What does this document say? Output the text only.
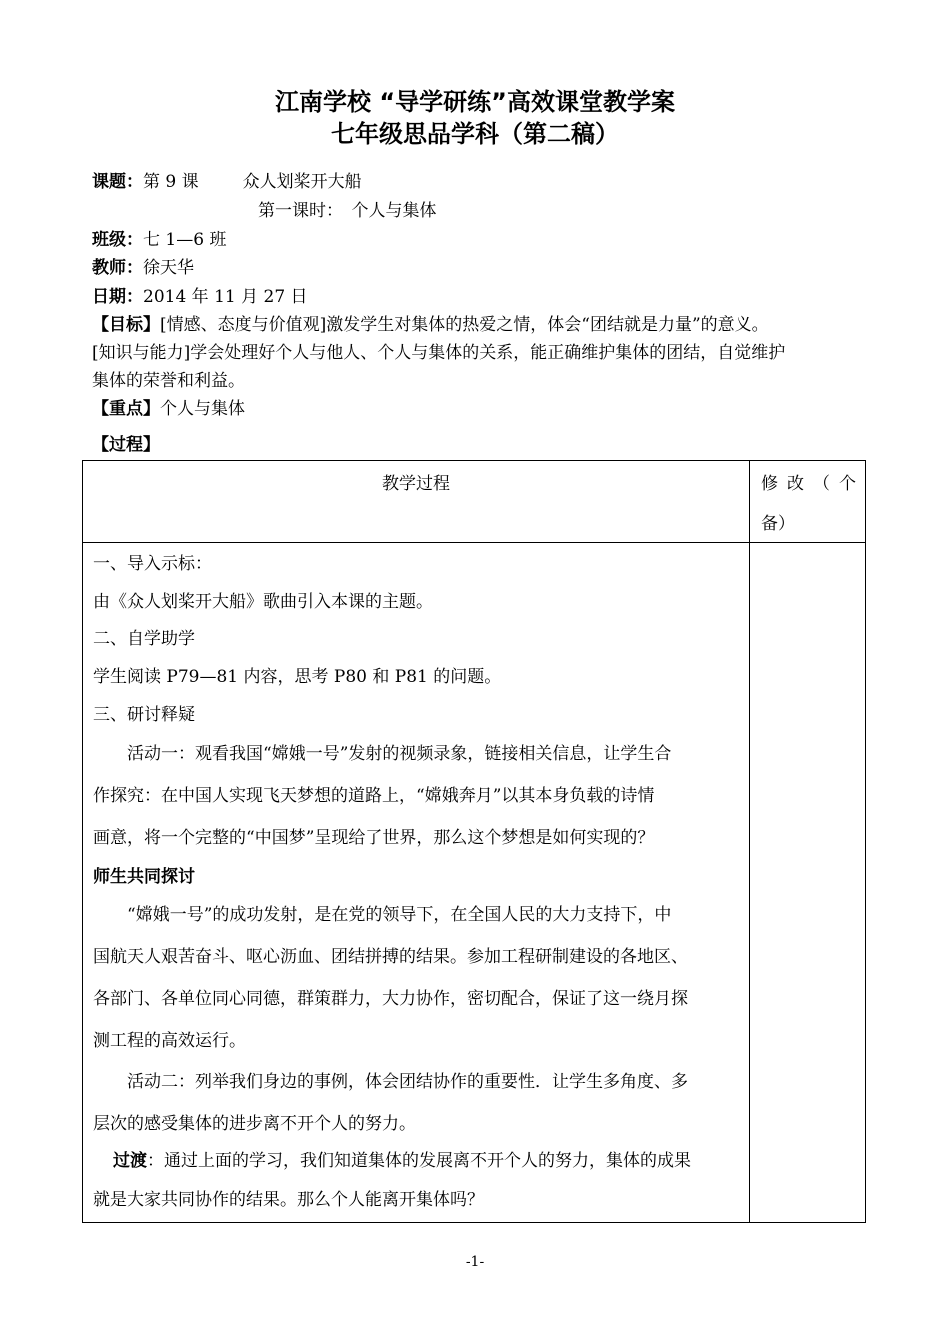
江南学校 “导学研练”高效课堂教学案
七年级思品学科（第二稿）
课题：第 9 课	众人划桨开大船
第一课时：　个人与集体
班级：七 1—6 班
教师：徐天华
日期：2014 年 11 月 27 日
【目标】[情感、态度与价值观]激发学生对集体的热爱之情，体会“团结就是力量”的意义。
[知识与能力]学会处理好个人与他人、个人与集体的关系，能正确维护集体的团结，自觉维护
集体的荣誉和利益。
【重点】个人与集体
【过程】
教学过程	修 改 （ 个
备）
一、导入示标：
由《众人划桨开大船》歌曲引入本课的主题。
二、自学助学
学生阅读 P79—81 内容，思考 P80 和 P81 的问题。
三、研讨释疑
　　活动一：观看我国“嫦娥一号”发射的视频录象，链接相关信息，让学生合
作探究：在中国人实现飞天梦想的道路上，“嫦娥奔月”以其本身负载的诗情
画意，将一个完整的“中国梦”呈现给了世界，那么这个梦想是如何实现的？
师生共同探讨
　　“嫦娥一号”的成功发射，是在党的领导下，在全国人民的大力支持下，中
国航天人艰苦奋斗、呕心沥血、团结拼搏的结果。参加工程研制建设的各地区、
各部门、各单位同心同德，群策群力，大力协作，密切配合，保证了这一绕月探
测工程的高效运行。
　　活动二：列举我们身边的事例，体会团结协作的重要性．让学生多角度、多
层次的感受集体的进步离不开个人的努力。
过渡：通过上面的学习，我们知道集体的发展离不开个人的努力，集体的成果
就是大家共同协作的结果。那么个人能离开集体吗？
-1-
